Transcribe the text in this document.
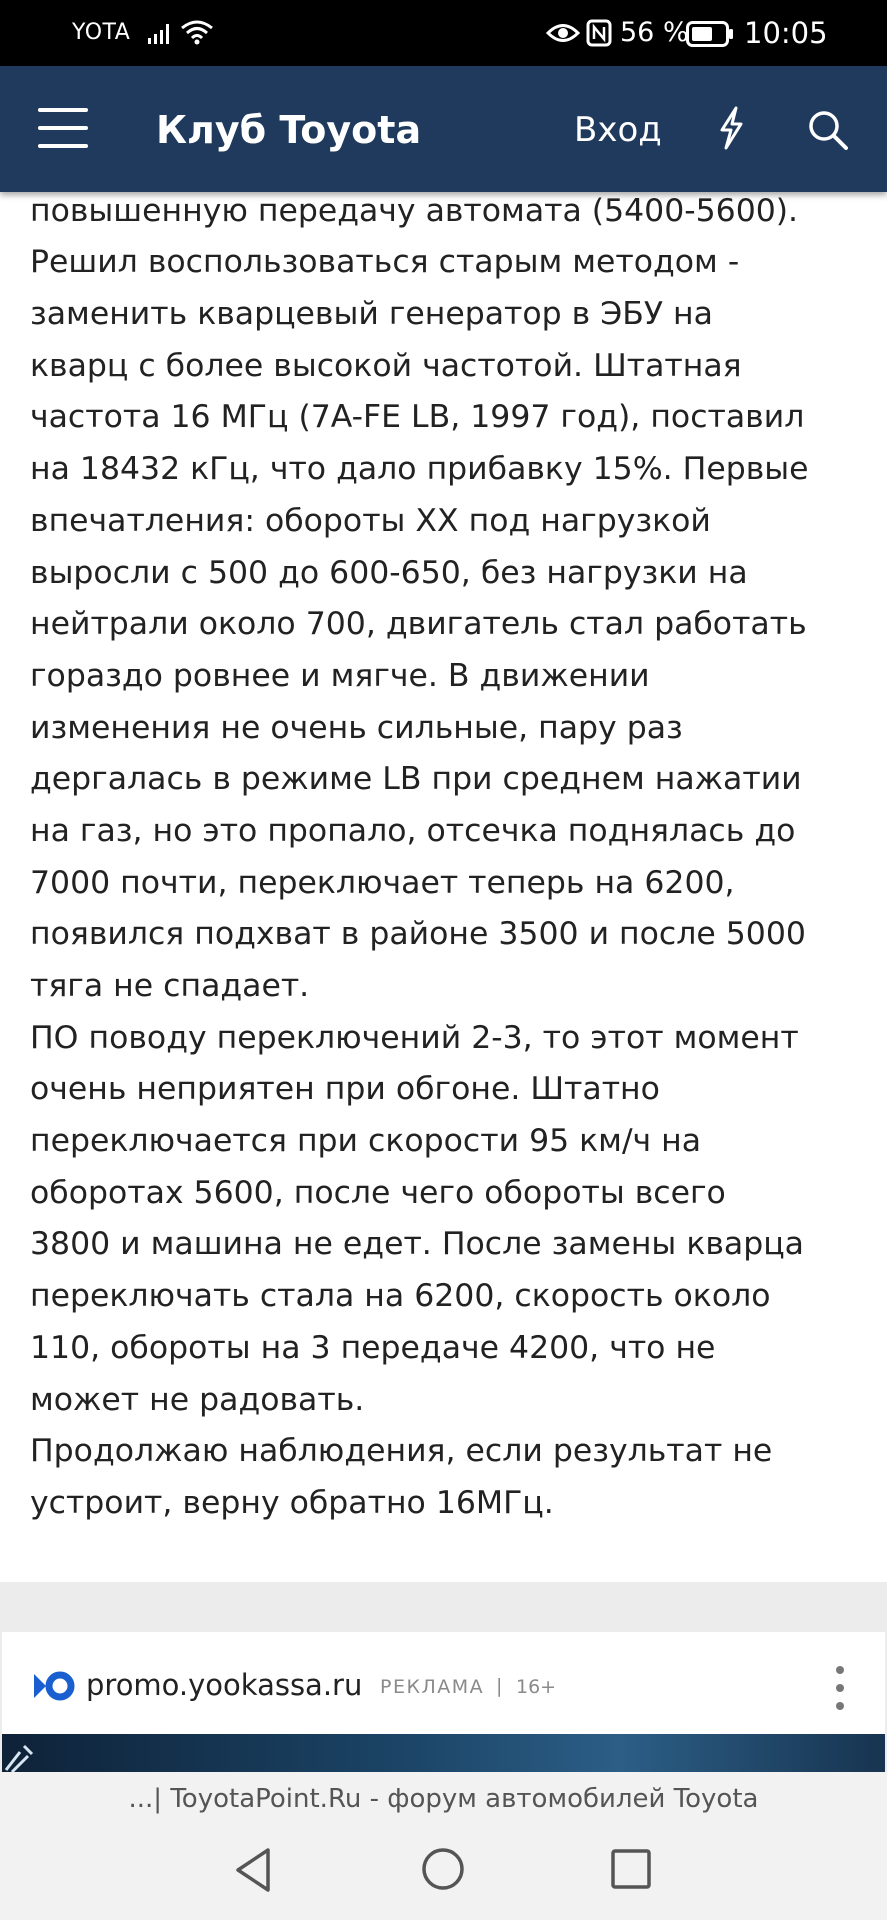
YOTA	56 % 10:05
Клуб Toyota	Вход
повышенную передачу автомата (5400-5600).
Решил воспользоваться старым методом -
заменить кварцевый генератор в ЭБУ на
кварц с более высокой частотой. Штатная
частота 16 МГц (7A-FE LB, 1997 год), поставил
на 18432 кГц, что дало прибавку 15%. Первые
впечатления: обороты ХХ под нагрузкой
выросли с 500 до 600-650, без нагрузки на
нейтрали около 700, двигатель стал работать
гораздо ровнее и мягче. В движении
изменения не очень сильные, пару раз
дергалась в режиме LB при среднем нажатии
на газ, но это пропало, отсечка поднялась до
7000 почти, переключает теперь на 6200,
появился подхват в районе 3500 и после 5000
тяга не спадает.
ПО поводу переключений 2-3, то этот момент
очень неприятен при обгоне. Штатно
переключается при скорости 95 км/ч на
оборотах 5600, после чего обороты всего
3800 и машина не едет. После замены кварца
переключать стала на 6200, скорость около
110, обороты на 3 передаче 4200, что не
может не радовать.
Продолжаю наблюдения, если результат не
устроит, верну обратно 16МГц.
promo.yookassa.ru РЕКЛАМА | 16+
...| ToyotaPoint.Ru - форум автомобилей Toyota
